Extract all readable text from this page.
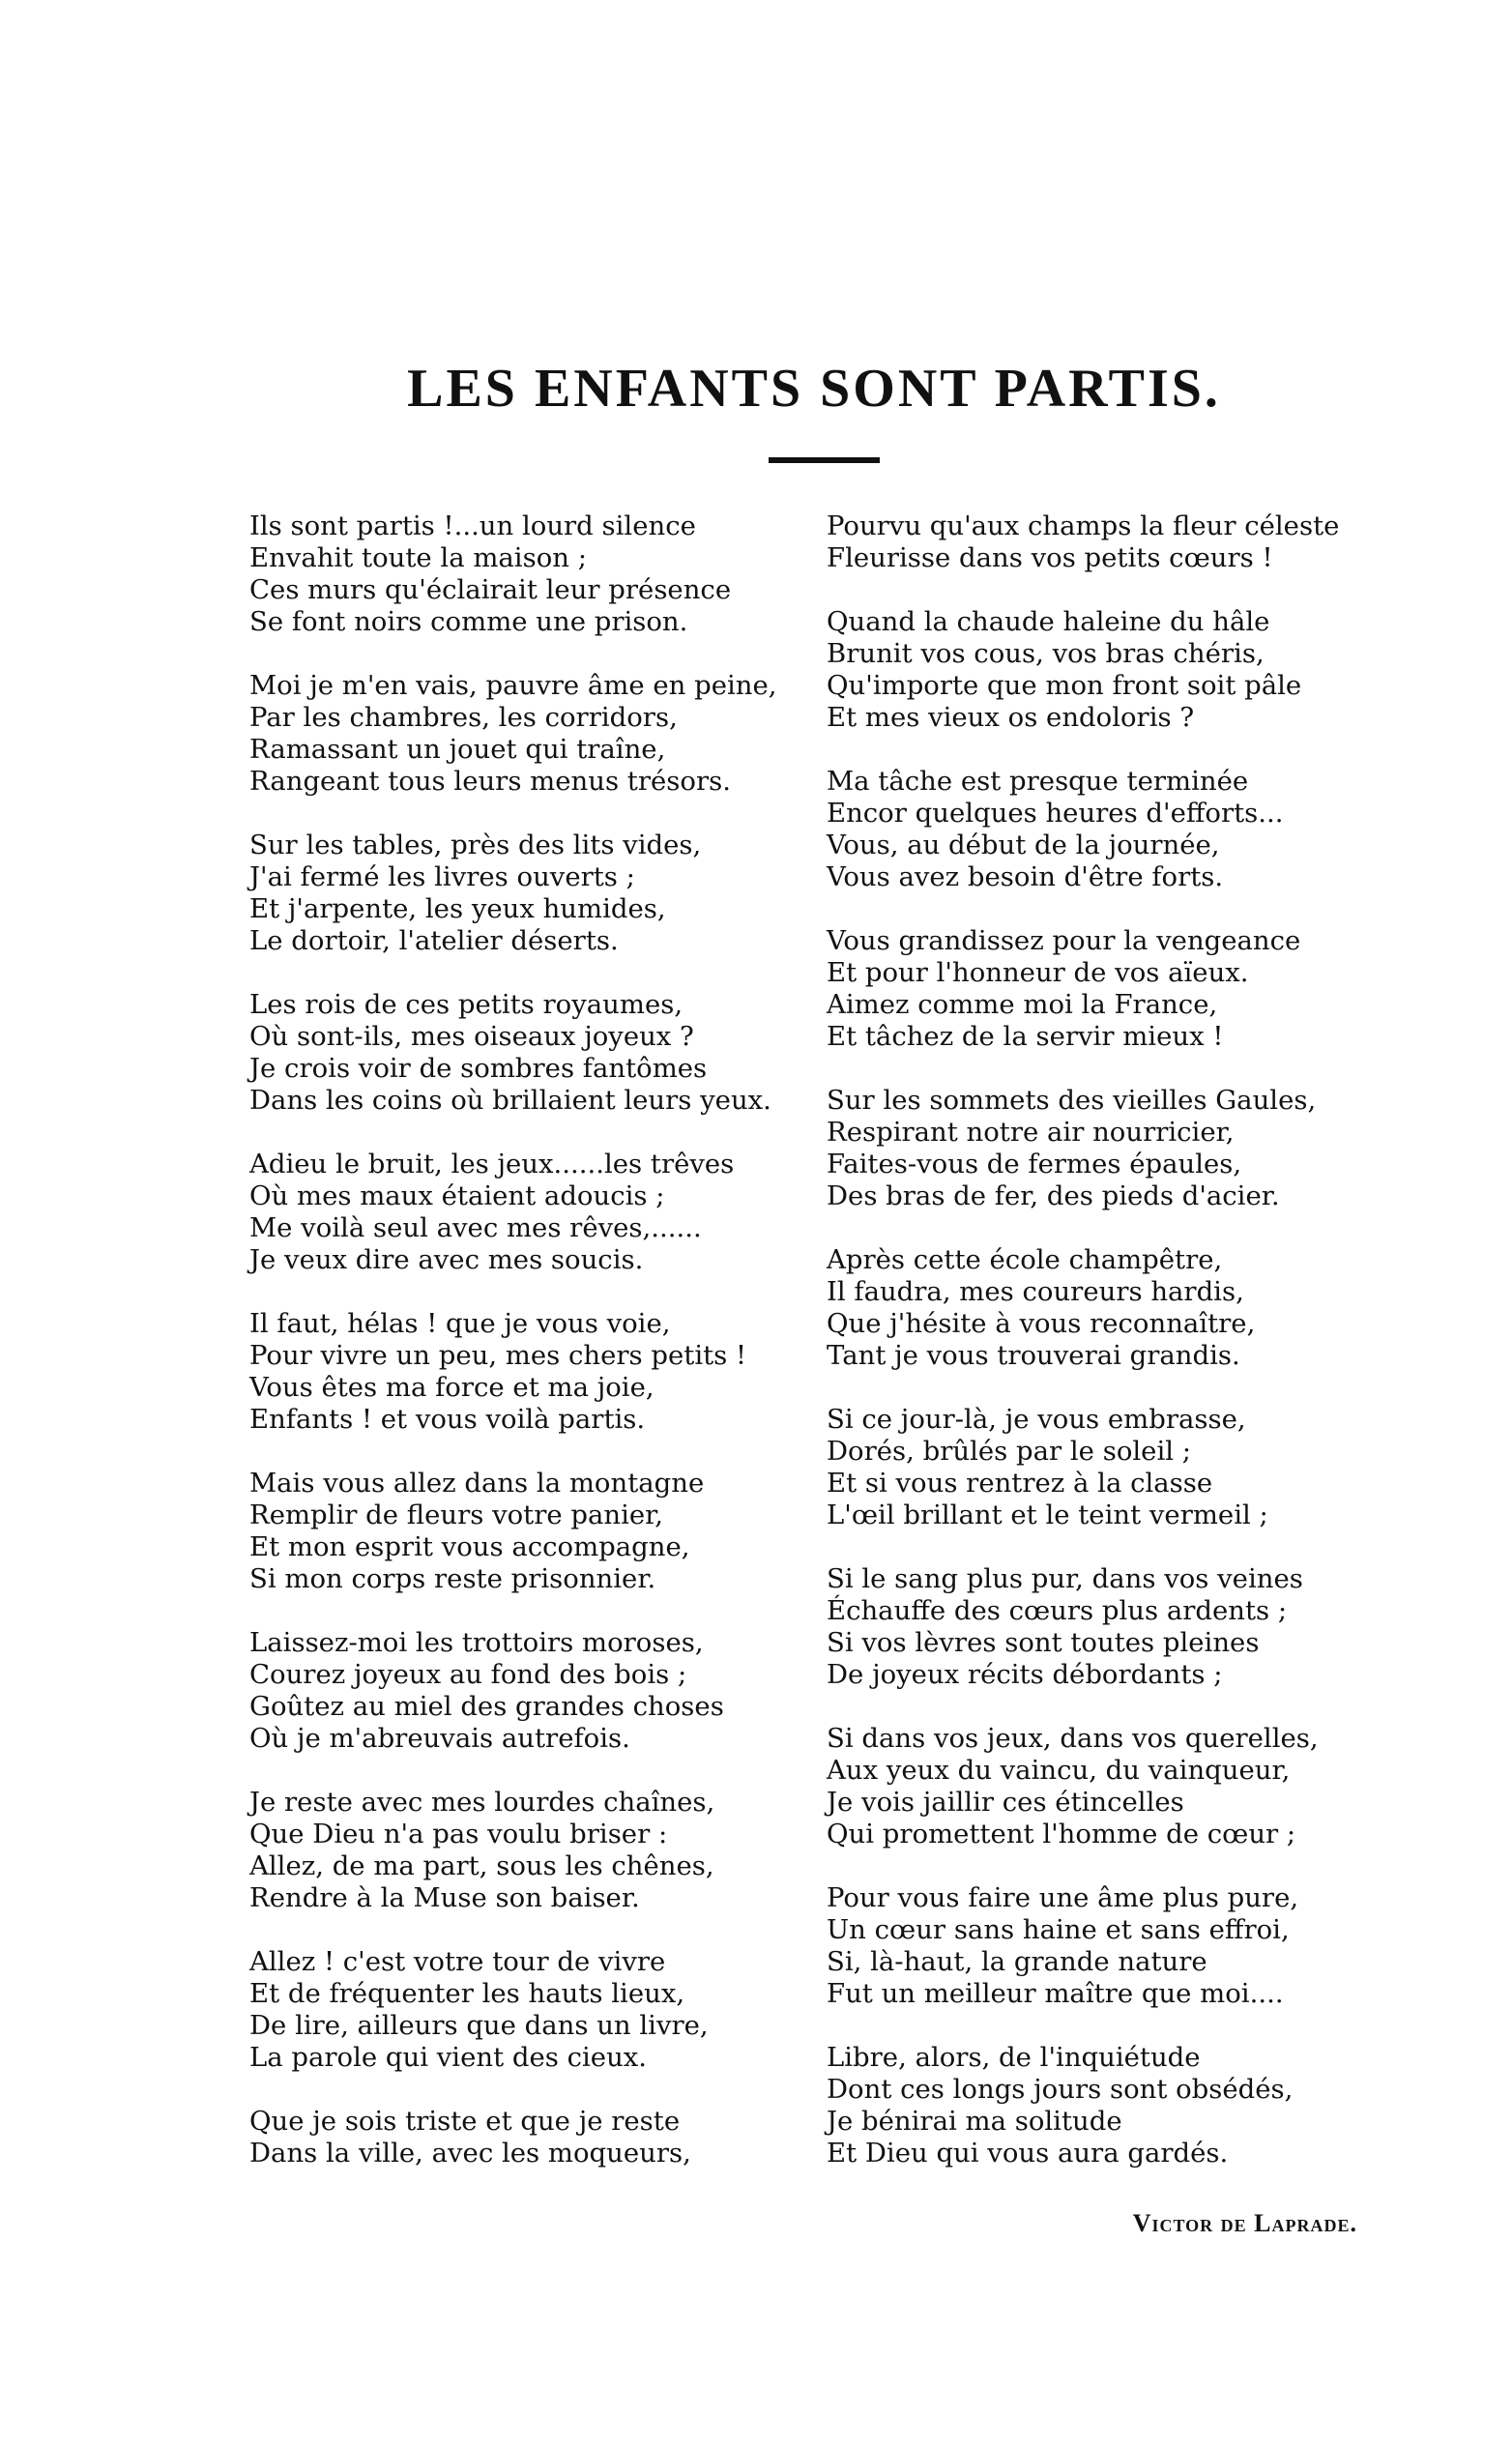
LES ENFANTS SONT PARTIS.
Ils sont partis !...un lourd silence
Envahit toute la maison ;
Ces murs qu'éclairait leur présence
Se font noirs comme une prison.
Moi je m'en vais, pauvre âme en peine,
Par les chambres, les corridors,
Ramassant un jouet qui traîne,
Rangeant tous leurs menus trésors.
Sur les tables, près des lits vides,
J'ai fermé les livres ouverts ;
Et j'arpente, les yeux humides,
Le dortoir, l'atelier déserts.
Les rois de ces petits royaumes,
Où sont-ils, mes oiseaux joyeux ?
Je crois voir de sombres fantômes
Dans les coins où brillaient leurs yeux.
Adieu le bruit, les jeux......les trêves
Où mes maux étaient adoucis ;
Me voilà seul avec mes rêves,......
Je veux dire avec mes soucis.
Il faut, hélas ! que je vous voie,
Pour vivre un peu, mes chers petits !
Vous êtes ma force et ma joie,
Enfants ! et vous voilà partis.
Mais vous allez dans la montagne
Remplir de fleurs votre panier,
Et mon esprit vous accompagne,
Si mon corps reste prisonnier.
Laissez-moi les trottoirs moroses,
Courez joyeux au fond des bois ;
Goûtez au miel des grandes choses
Où je m'abreuvais autrefois.
Je reste avec mes lourdes chaînes,
Que Dieu n'a pas voulu briser :
Allez, de ma part, sous les chênes,
Rendre à la Muse son baiser.
Allez ! c'est votre tour de vivre
Et de fréquenter les hauts lieux,
De lire, ailleurs que dans un livre,
La parole qui vient des cieux.
Que je sois triste et que je reste
Dans la ville, avec les moqueurs,
Pourvu qu'aux champs la fleur céleste
Fleurisse dans vos petits cœurs !
Quand la chaude haleine du hâle
Brunit vos cous, vos bras chéris,
Qu'importe que mon front soit pâle
Et mes vieux os endoloris ?
Ma tâche est presque terminée
Encor quelques heures d'efforts...
Vous, au début de la journée,
Vous avez besoin d'être forts.
Vous grandissez pour la vengeance
Et pour l'honneur de vos aïeux.
Aimez comme moi la France,
Et tâchez de la servir mieux !
Sur les sommets des vieilles Gaules,
Respirant notre air nourricier,
Faites-vous de fermes épaules,
Des bras de fer, des pieds d'acier.
Après cette école champêtre,
Il faudra, mes coureurs hardis,
Que j'hésite à vous reconnaître,
Tant je vous trouverai grandis.
Si ce jour-là, je vous embrasse,
Dorés, brûlés par le soleil ;
Et si vous rentrez à la classe
L'œil brillant et le teint vermeil ;
Si le sang plus pur, dans vos veines
Échauffe des cœurs plus ardents ;
Si vos lèvres sont toutes pleines
De joyeux récits débordants ;
Si dans vos jeux, dans vos querelles,
Aux yeux du vaincu, du vainqueur,
Je vois jaillir ces étincelles
Qui promettent l'homme de cœur ;
Pour vous faire une âme plus pure,
Un cœur sans haine et sans effroi,
Si, là-haut, la grande nature
Fut un meilleur maître que moi....
Libre, alors, de l'inquiétude
Dont ces longs jours sont obsédés,
Je bénirai ma solitude
Et Dieu qui vous aura gardés.
Victor de Laprade.
